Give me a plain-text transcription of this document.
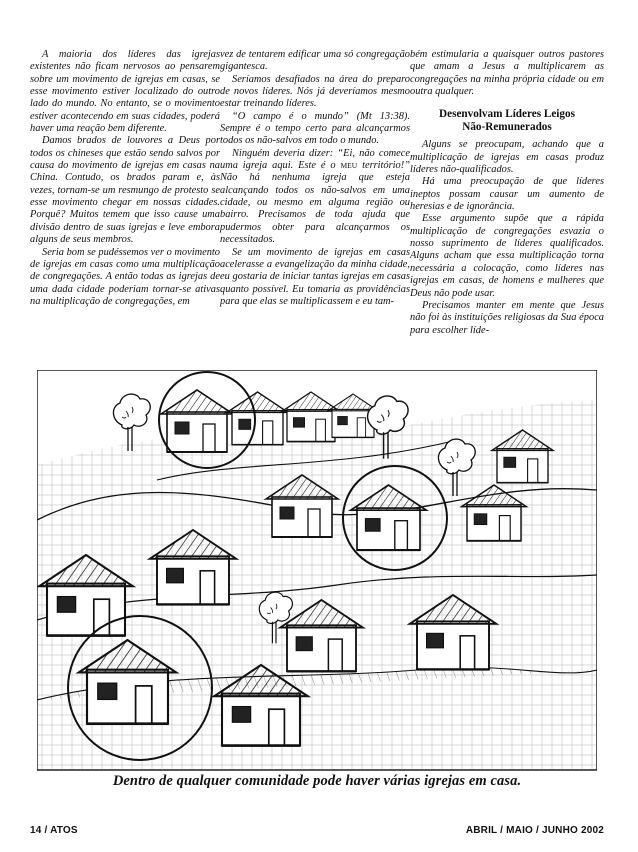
A maioria dos líderes das igrejas existentes não ficam nervosos ao pensarem sobre um movimento de igrejas em casas, se esse movimento estiver localizado do outro lado do mundo. No entanto, se o movimento estiver acontecendo em suas cidades, poderá haver uma reação bem diferente.

Damos brados de louvores a Deus por todos os chineses que estão sendo salvos por causa do movimento de igrejas em casas na China. Contudo, os brados param e, às vezes, tornam-se um resmungo de protesto se esse movimento chegar em nossas cidades. Porquê? Muitos temem que isso cause uma divisão dentro de suas igrejas e leve embora alguns de seus membros.

Seria bom se pudéssemos ver o movimento de igrejas em casas como uma multiplicação de congregações. A então todas as igrejas de uma dada cidade poderiam tornar-se ativas na multiplicação de congregações, em

vez de tentarem edificar uma só congregação gigantesca.

Seríamos desafiados na área do preparo de novos líderes. Nós já deveríamos mesmo estar treinando líderes.

“O campo é o mundo” (Mt 13:38). Sempre é o tempo certo para alcançarmos todos os não-salvos em todo o mundo.

Ninguém deveria dizer: “Ei, não comece uma igreja aqui. Este é o MEU território!” Não há nenhuma igreja que esteja alcançando todos os não-salvos em uma cidade, ou mesmo em alguma região ou bairro. Precisamos de toda ajuda que pudermos obter para alcançarmos os necessitados.

Se um movimento de igrejas em casas acelerasse a evangelização da minha cidade, eu gostaria de iniciar tantas igrejas em casas quanto possível. Eu tomaria as providências para que elas se multiplicassem e eu tam-

bém estimularia a quaisquer outros pastores que amam a Jesus a multiplicarem as congregações na minha própria cidade ou em outra qualquer.

Desenvolvam Líderes Leigos
Não-Remunerados

Alguns se preocupam, achando que a multiplicação de igrejas em casas produz líderes não-qualificados.

Há uma preocupação de que líderes ineptos possam causar um aumento de heresias e de ignorância.

Esse argumento supõe que a rápida multiplicação de congregações esvazia o nosso suprimento de líderes qualificados. Alguns acham que essa multiplicação torna necessária a colocação, como líderes nas igrejas em casas, de homens e mulheres que Deus não pode usar.

Precisamos manter em mente que Jesus não foi às instituições religiosas da Sua época para escolher líde-

Dentro de qualquer comunidade pode haver várias igrejas em casa.
14 / ATOS	ABRIL / MAIO / JUNHO 2002
